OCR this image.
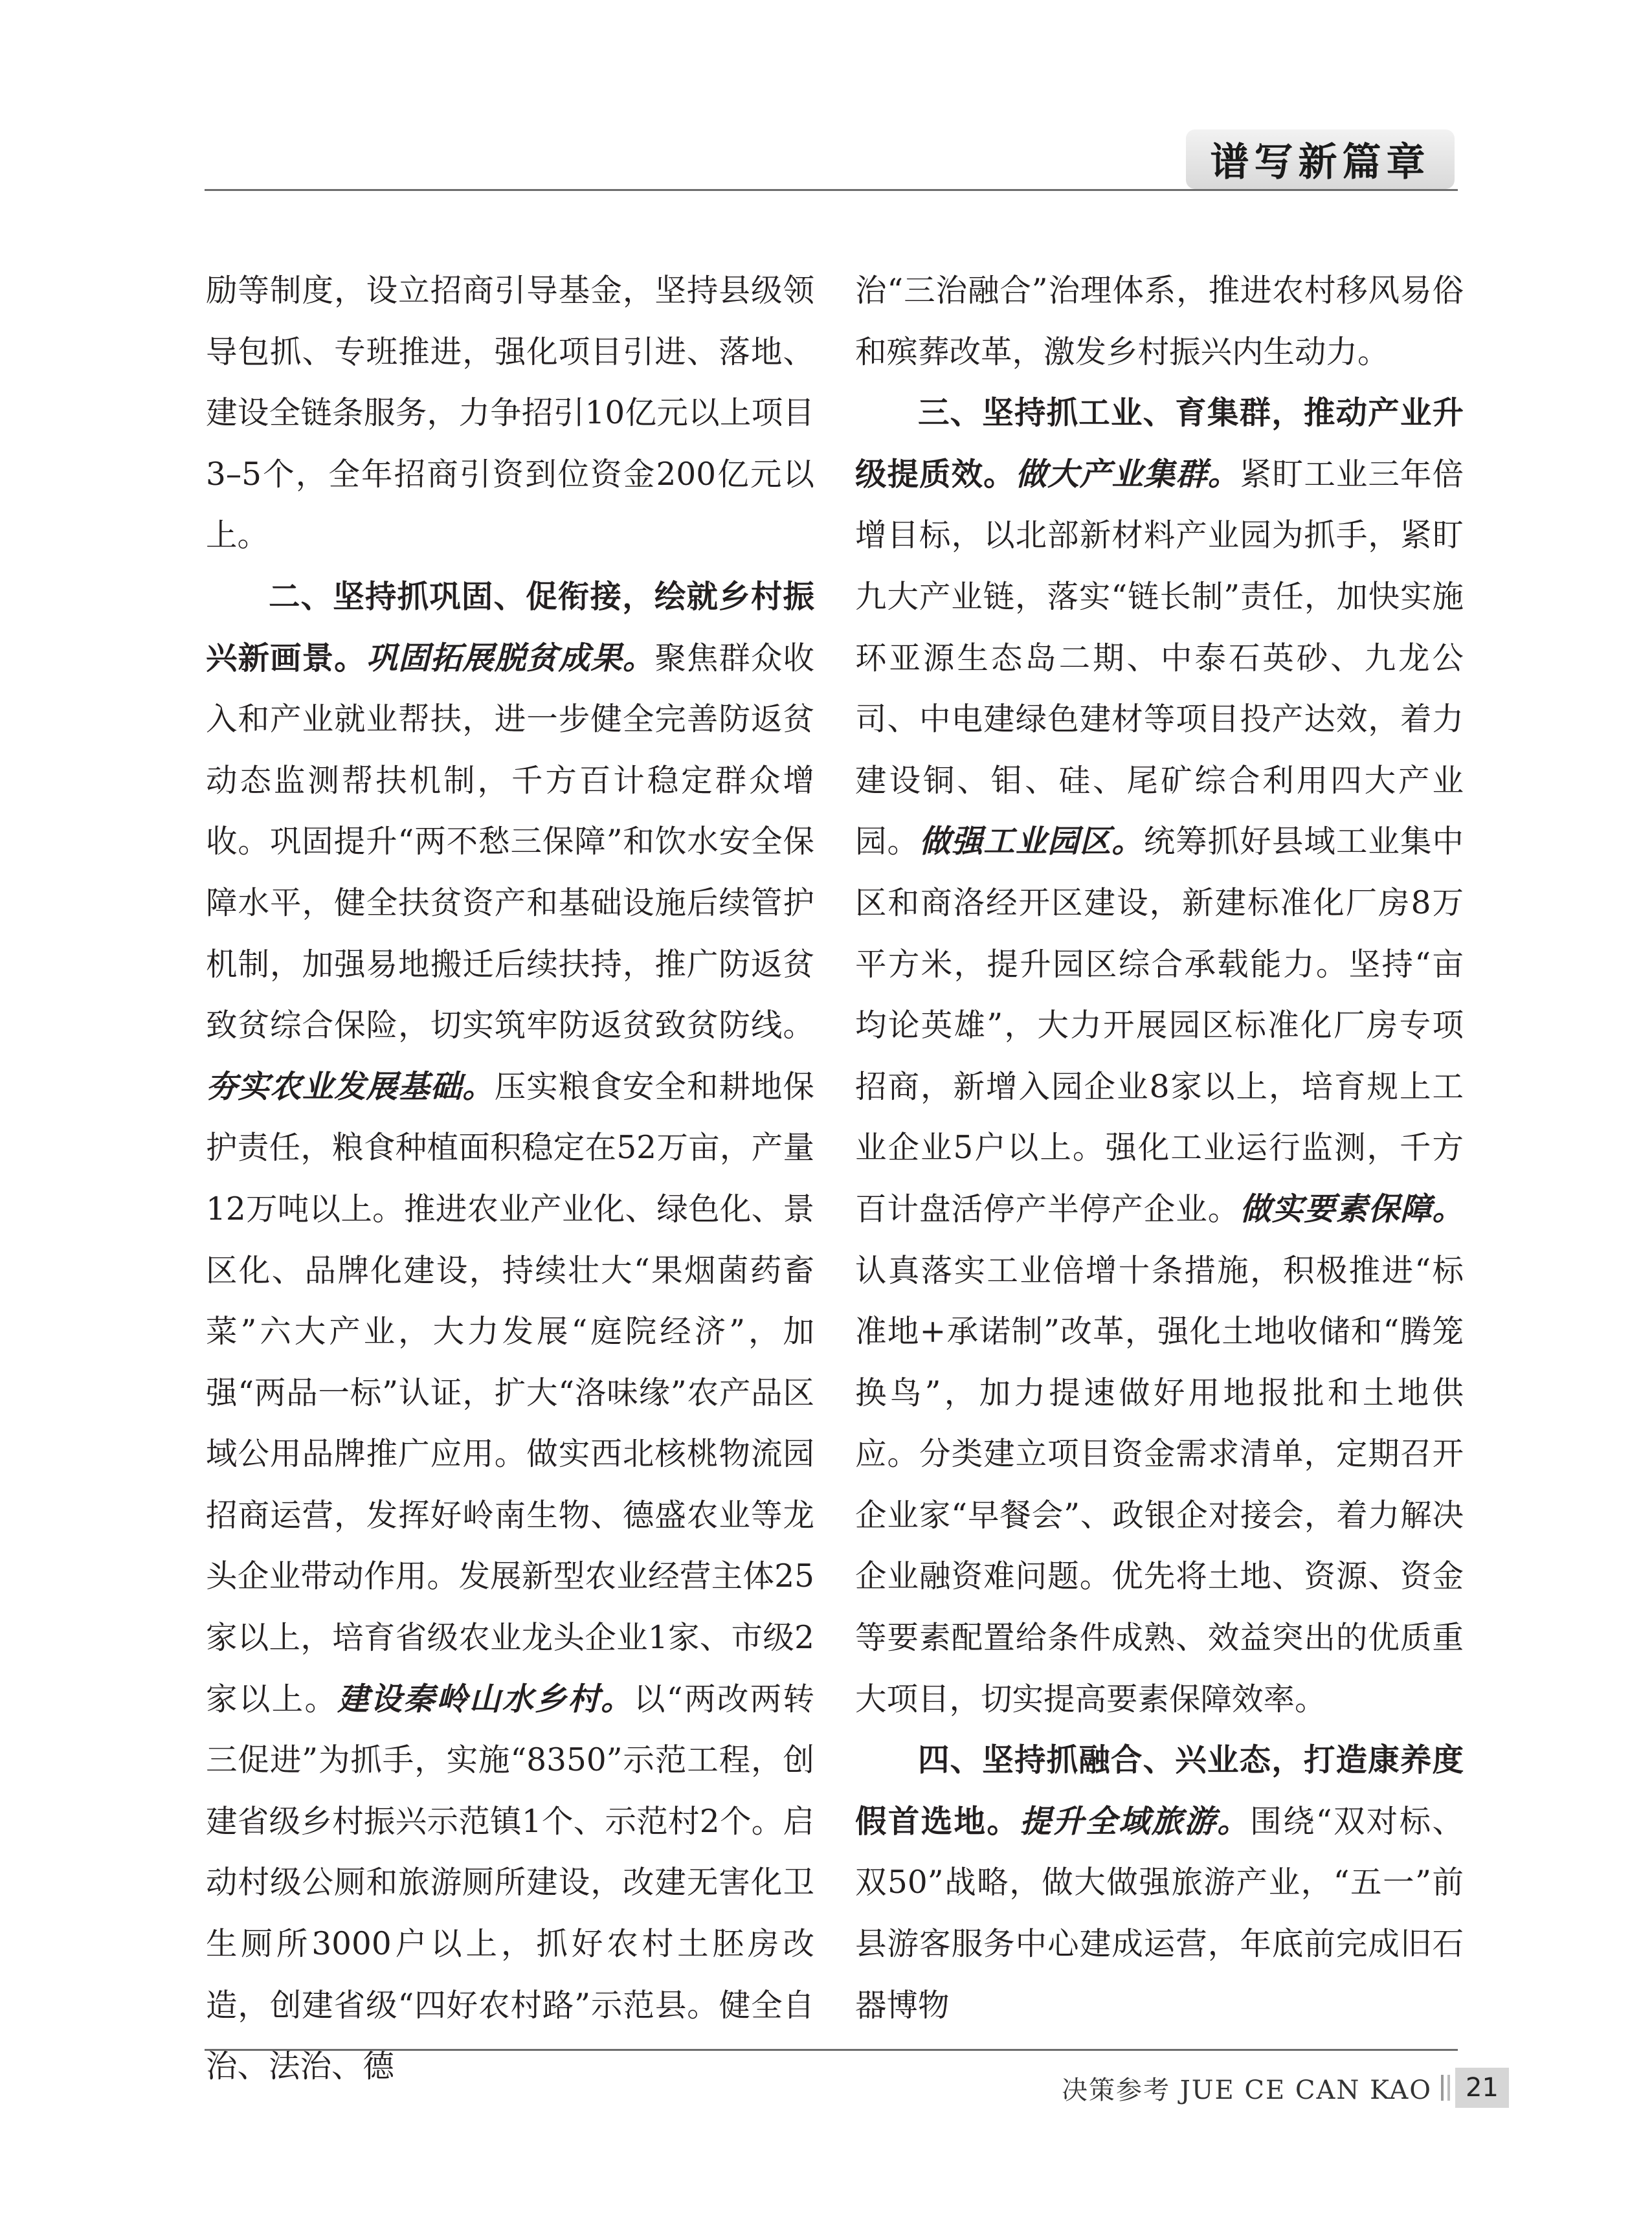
谱写新篇章

励等制度，设立招商引导基金，坚持县级领导包抓、专班推进，强化项目引进、落地、建设全链条服务，力争招引10亿元以上项目3–5个，全年招商引资到位资金200亿元以上。

二、坚持抓巩固、促衔接，绘就乡村振兴新画景。巩固拓展脱贫成果。聚焦群众收入和产业就业帮扶，进一步健全完善防返贫动态监测帮扶机制，千方百计稳定群众增收。巩固提升“两不愁三保障”和饮水安全保障水平，健全扶贫资产和基础设施后续管护机制，加强易地搬迁后续扶持，推广防返贫致贫综合保险，切实筑牢防返贫致贫防线。夯实农业发展基础。压实粮食安全和耕地保护责任，粮食种植面积稳定在52万亩，产量12万吨以上。推进农业产业化、绿色化、景区化、品牌化建设，持续壮大“果烟菌药畜菜”六大产业，大力发展“庭院经济”，加强“两品一标”认证，扩大“洛味缘”农产品区域公用品牌推广应用。做实西北核桃物流园招商运营，发挥好岭南生物、德盛农业等龙头企业带动作用。发展新型农业经营主体25家以上，培育省级农业龙头企业1家、市级2家以上。建设秦岭山水乡村。以“两改两转三促进”为抓手，实施“8350”示范工程，创建省级乡村振兴示范镇1个、示范村2个。启动村级公厕和旅游厕所建设，改建无害化卫生厕所3000户以上，抓好农村土胚房改造，创建省级“四好农村路”示范县。健全自治、法治、德

治“三治融合”治理体系，推进农村移风易俗和殡葬改革，激发乡村振兴内生动力。

三、坚持抓工业、育集群，推动产业升级提质效。做大产业集群。紧盯工业三年倍增目标，以北部新材料产业园为抓手，紧盯九大产业链，落实“链长制”责任，加快实施环亚源生态岛二期、中泰石英砂、九龙公司、中电建绿色建材等项目投产达效，着力建设铜、钼、硅、尾矿综合利用四大产业园。做强工业园区。统筹抓好县域工业集中区和商洛经开区建设，新建标准化厂房8万平方米，提升园区综合承载能力。坚持“亩均论英雄”，大力开展园区标准化厂房专项招商，新增入园企业8家以上，培育规上工业企业5户以上。强化工业运行监测，千方百计盘活停产半停产企业。做实要素保障。认真落实工业倍增十条措施，积极推进“标准地+承诺制”改革，强化土地收储和“腾笼换鸟”，加力提速做好用地报批和土地供应。分类建立项目资金需求清单，定期召开企业家“早餐会”、政银企对接会，着力解决企业融资难问题。优先将土地、资源、资金等要素配置给条件成熟、效益突出的优质重大项目，切实提高要素保障效率。

四、坚持抓融合、兴业态，打造康养度假首选地。提升全域旅游。围绕“双对标、双50”战略，做大做强旅游产业，“五一”前县游客服务中心建成运营，年底前完成旧石器博物

决策参考 JUE CE CAN KAO	21
